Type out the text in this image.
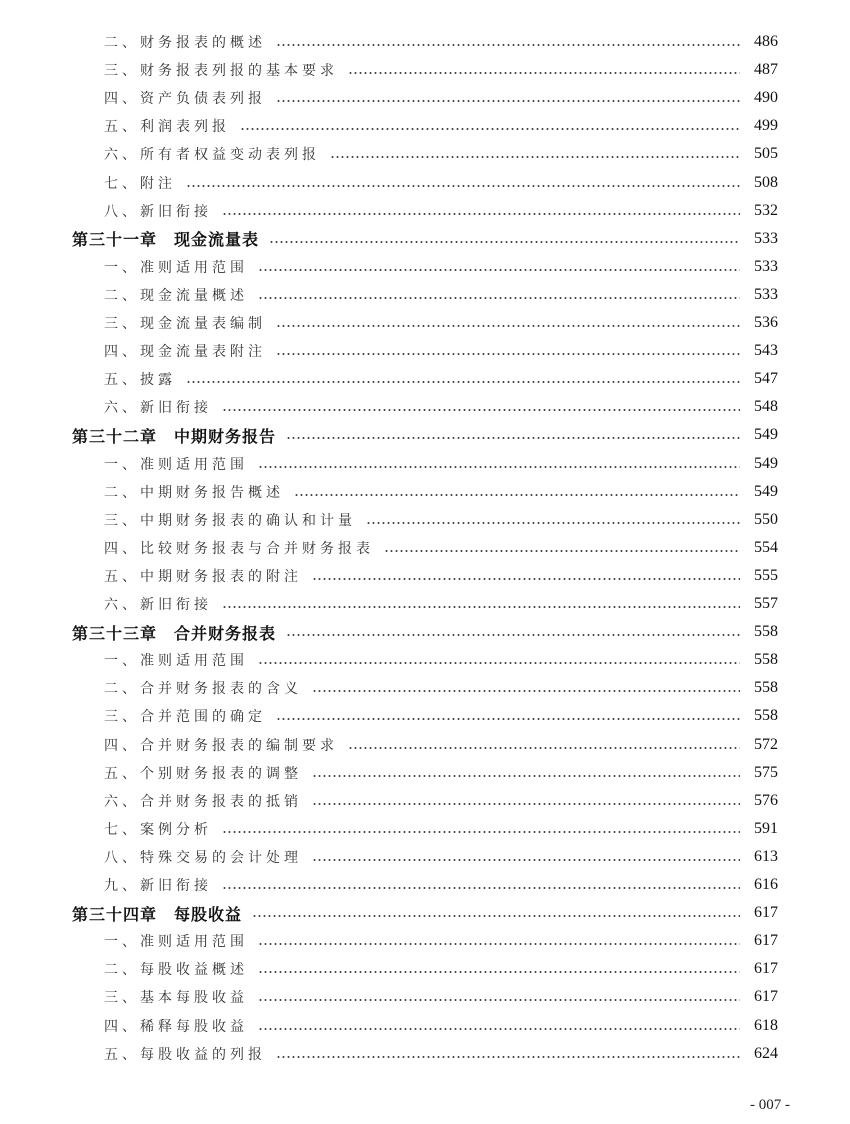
二、财务报表的概述	486
三、财务报表列报的基本要求	487
四、资产负债表列报	490
五、利润表列报	499
六、所有者权益变动表列报	505
七、附注	508
八、新旧衔接	532
第三十一章　现金流量表	533
一、准则适用范围	533
二、现金流量概述	533
三、现金流量表编制	536
四、现金流量表附注	543
五、披露	547
六、新旧衔接	548
第三十二章　中期财务报告	549
一、准则适用范围	549
二、中期财务报告概述	549
三、中期财务报表的确认和计量	550
四、比较财务报表与合并财务报表	554
五、中期财务报表的附注	555
六、新旧衔接	557
第三十三章　合并财务报表	558
一、准则适用范围	558
二、合并财务报表的含义	558
三、合并范围的确定	558
四、合并财务报表的编制要求	572
五、个别财务报表的调整	575
六、合并财务报表的抵销	576
七、案例分析	591
八、特殊交易的会计处理	613
九、新旧衔接	616
第三十四章　每股收益	617
一、准则适用范围	617
二、每股收益概述	617
三、基本每股收益	617
四、稀释每股收益	618
五、每股收益的列报	624
- 007 -
